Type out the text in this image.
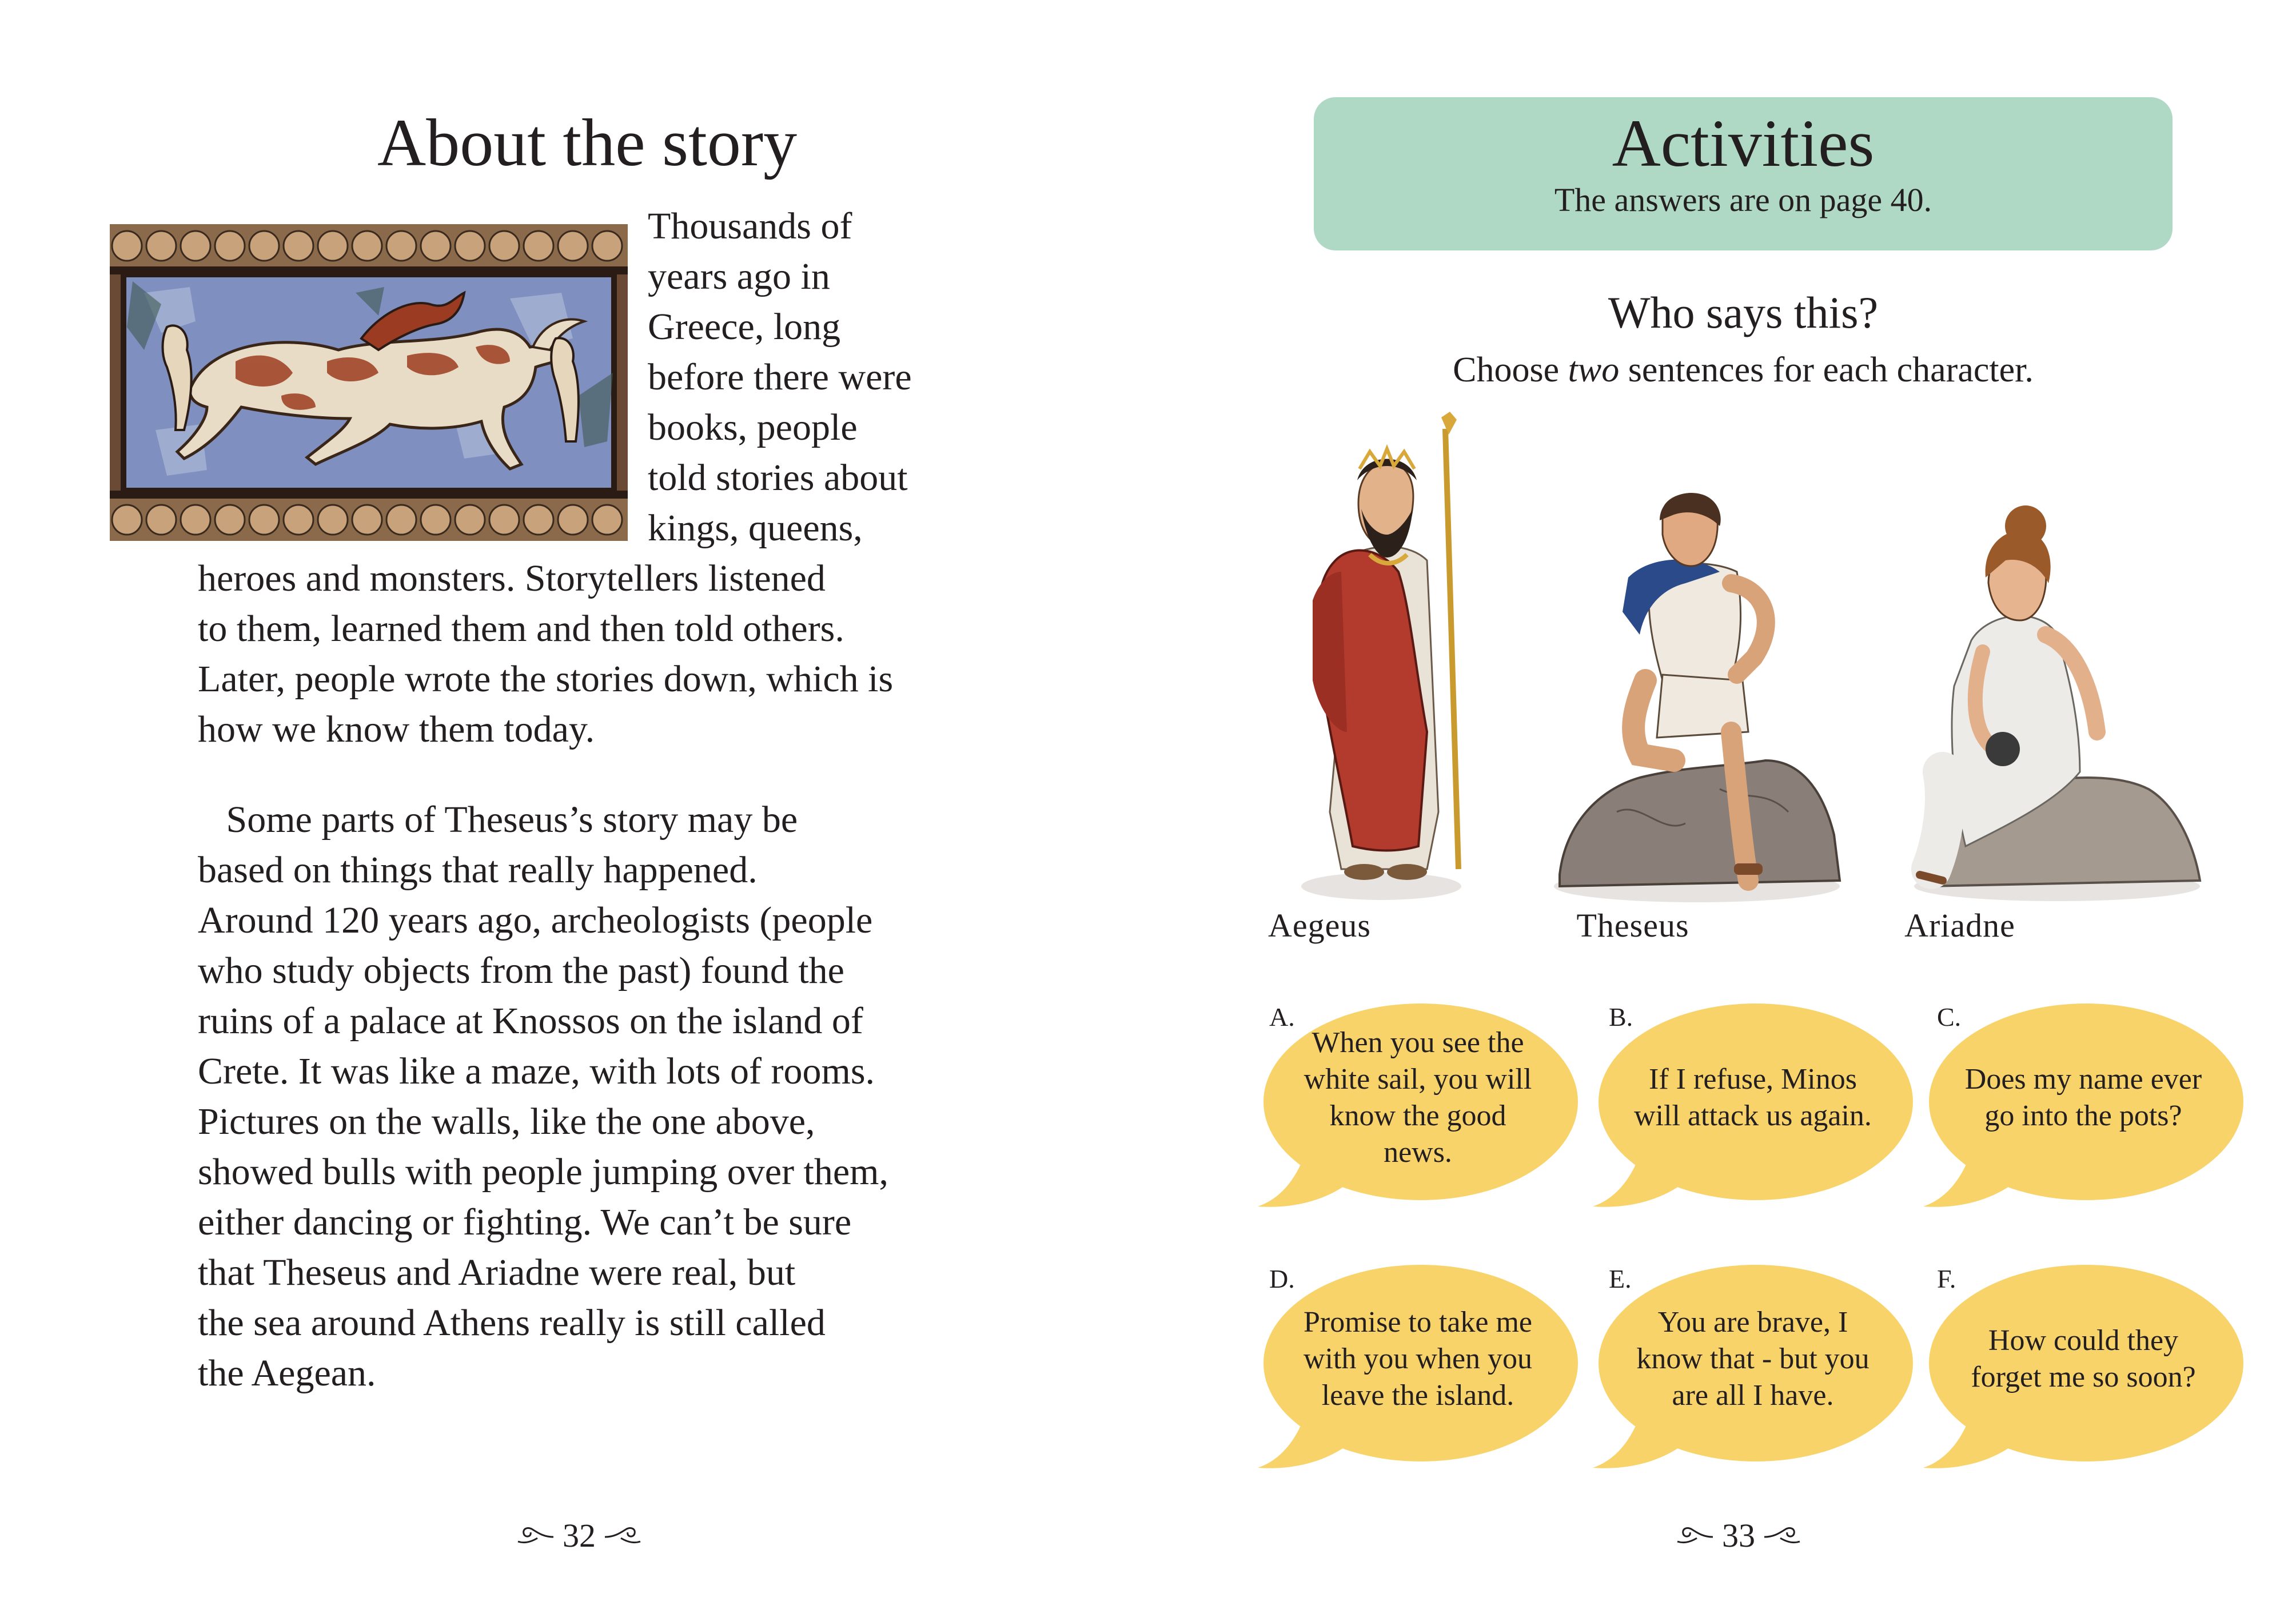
About the story
Thousands of
years ago in
Greece, long
before there were
books, people
told stories about
kings, queens,
heroes and monsters. Storytellers listened
to them, learned them and then told others.
Later, people wrote the stories down, which is
how we know them today.
Some parts of Theseus’s story may be
based on things that really happened.
Around 120 years ago, archeologists (people
who study objects from the past) found the
ruins of a palace at Knossos on the island of
Crete. It was like a maze, with lots of rooms.
Pictures on the walls, like the one above,
showed bulls with people jumping over them,
either dancing or fighting. We can’t be sure
that Theseus and Ariadne were real, but
the sea around Athens really is still called
the Aegean.
32
Activities
The answers are on page 40.
Who says this?
Choose two sentences for each character.
Aegeus	Theseus	Ariadne
A.	B.	C.
D.	E.	F.
When you see the white sail, you will know the good news.
If I refuse, Minos will attack us again.
Does my name ever go into the pots?
Promise to take me with you when you leave the island.
You are brave, I know that - but you are all I have.
How could they forget me so soon?
33
